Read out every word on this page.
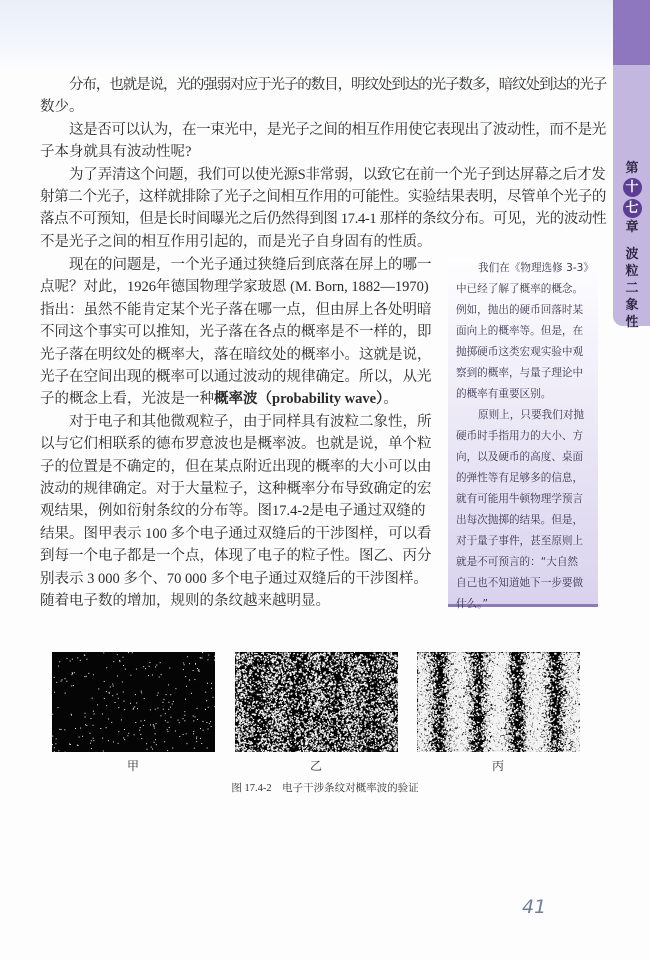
第
十
七
章
波
粒
二
象
性
分布，也就是说，光的强弱对应于光子的数目，明纹处到达的光子数多，暗纹处到达的光子
数少。
这是否可以认为，在一束光中，是光子之间的相互作用使它表现出了波动性，而不是光
子本身就具有波动性呢?
为了弄清这个问题，我们可以使光源S非常弱，以致它在前一个光子到达屏幕之后才发
射第二个光子，这样就排除了光子之间相互作用的可能性。实验结果表明，尽管单个光子的
落点不可预知，但是长时间曝光之后仍然得到图 17.4-1 那样的条纹分布。可见，光的波动性
不是光子之间的相互作用引起的，而是光子自身固有的性质。
现在的问题是，一个光子通过狭缝后到底落在屏上的哪一
点呢？对此，1926年德国物理学家玻恩 (M. Born, 1882—1970)
指出：虽然不能肯定某个光子落在哪一点，但由屏上各处明暗
不同这个事实可以推知，光子落在各点的概率是不一样的，即
光子落在明纹处的概率大，落在暗纹处的概率小。这就是说，
光子在空间出现的概率可以通过波动的规律确定。所以，从光
子的概念上看，光波是一种概率波（probability wave）。
对于电子和其他微观粒子，由于同样具有波粒二象性，所
以与它们相联系的德布罗意波也是概率波。也就是说，单个粒
子的位置是不确定的，但在某点附近出现的概率的大小可以由
波动的规律确定。对于大量粒子，这种概率分布导致确定的宏
观结果，例如衍射条纹的分布等。图17.4-2是电子通过双缝的
结果。图甲表示 100 多个电子通过双缝后的干涉图样，可以看
到每一个电子都是一个点，体现了电子的粒子性。图乙、丙分
别表示 3 000 多个、70 000 多个电子通过双缝后的干涉图样。
随着电子数的增加，规则的条纹越来越明显。
我们在《物理选修 3-3》
中已经了解了概率的概念。
例如，抛出的硬币回落时某
面向上的概率等。但是，在
抛掷硬币这类宏观实验中观
察到的概率，与量子理论中
的概率有重要区别。
原则上，只要我们对抛
硬币时手指用力的大小、方
向，以及硬币的高度、桌面
的弹性等有足够多的信息，
就有可能用牛顿物理学预言
出每次抛掷的结果。但是，
对于量子事件，甚至原则上
就是不可预言的：“大自然
自己也不知道她下一步要做
什么。”
甲	乙	丙
图 17.4-2　电子干涉条纹对概率波的验证
41
